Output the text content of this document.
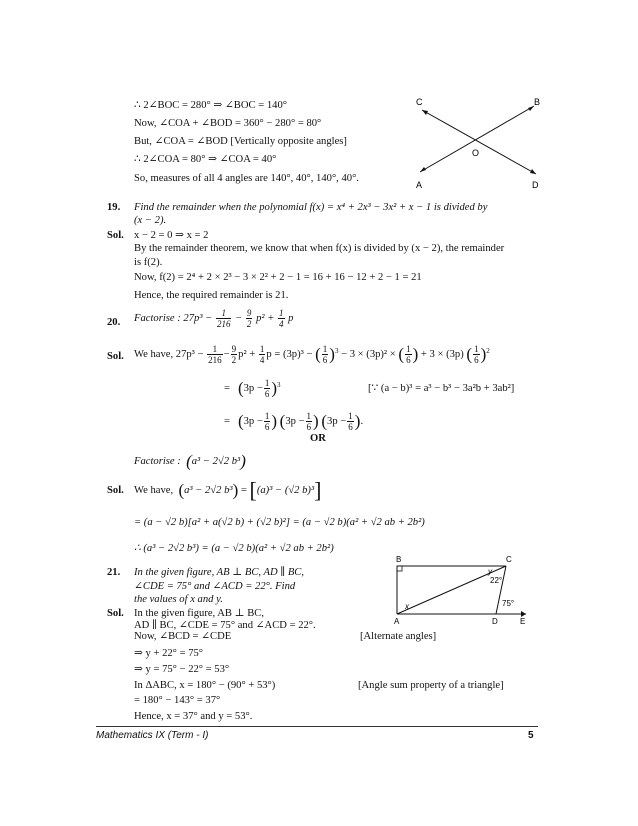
∴ 2∠BOC = 280° ⇒ ∠BOC = 140°
Now, ∠COA + ∠BOD = 360° − 280° = 80°
But, ∠COA = ∠BOD [Vertically opposite angles]
∴ 2∠COA = 80° ⇒ ∠COA = 40°
So, measures of all 4 angles are 140°, 40°, 140°, 40°.
Find the remainder when the polynomial f(x) = x⁴ + 2x³ − 3x² + x − 1 is divided by
(x − 2).
x − 2 = 0 ⇒ x = 2
By the remainder theorem, we know that when f(x) is divided by (x − 2), the remainder
is f(2).
Now, f(2) = 2⁴ + 2 × 2³ − 3 × 2² + 2 − 1 = 16 + 16 − 12 + 2 − 1 = 21
Hence, the required remainder is 21.
OR
Now, ∠BCD = ∠CDE	[Alternate angles]
⇒ y + 22° = 75°
⇒ y = 75° − 22° = 53°
In ΔABC, x = 180° − (90° + 53°)	[Angle sum property of a triangle]
= 180° − 143° = 37°
Hence, x = 37° and y = 53°.
19.
Sol.
20.
Sol.
Sol.
21.
Sol.
Factorise : $27p^3 - \frac{1}{216} - \frac{9}{2} p^2 + \frac{1}{4}$ p
We have, $27p^3 - \frac{1}{216} - \frac{9}{2} p^2 + \frac{1}{4}$ p = (3p)³ − ( $\frac{1}{6} )^3 - 3 \times (3p)^2$ × ( $\frac{1}{6}$ ) + 3 × (3p) ( $\frac{1}{6} )^2$
= $(3p - \frac{1}{6} )^3$	[∵ (a − b)³ = a³ − b³ − 3a²b + 3ab²]
= ($3p - \frac{1}{6}$ ) ($3p - \frac{1}{6}$ ) ($3p - \frac{1}{6}$ ).
Factorise : (a³ − 2√2 b³)
We have, (a³ − 2√2 b³) = [(a)³ − (√2 b)³]
= (a − √2 b)[a² + a(√2 b) + (√2 b)²] = (a − √2 b)(a² + √2 ab + 2b²)
∴ (a³ − 2√2 b³) = (a − √2 b)(a² + √2 ab + 2b²)
In the given figure, AB ⊥ BC, AD ∥ BC,
∠CDE = 75° and ∠ACD = 22°. Find
the values of x and y.
In the given figure, AB ⊥ BC,
AD ∥ BC, ∠CDE = 75° and ∠ACD = 22°.
C	B
O
A	D
B	C
A	D	E
y
22°
75°
x
Mathematics IX (Term - I)	5
